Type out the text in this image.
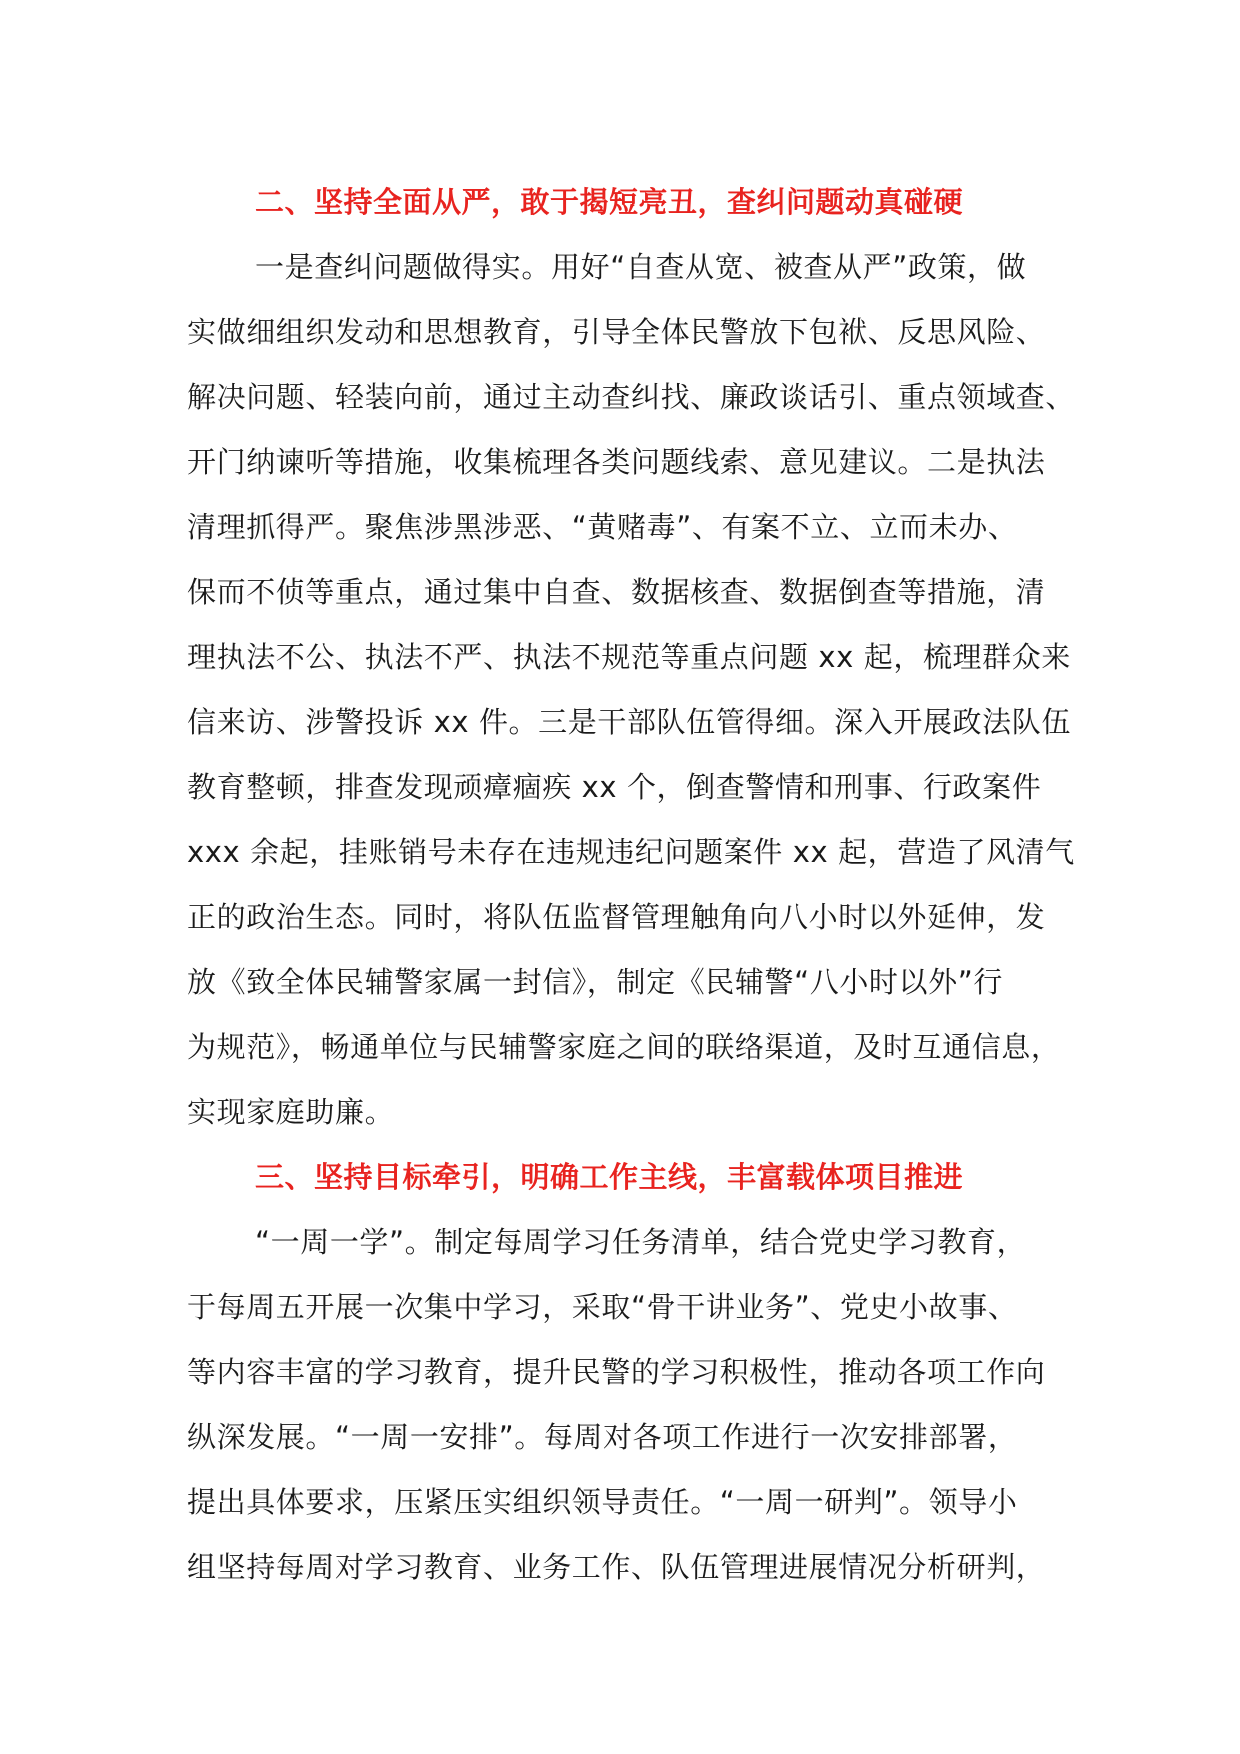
二、坚持全面从严，敢于揭短亮丑，查纠问题动真碰硬
一是查纠问题做得实。用好“自查从宽、被查从严”政策，做
实做细组织发动和思想教育，引导全体民警放下包袱、反思风险、
解决问题、轻装向前，通过主动查纠找、廉政谈话引、重点领域查、
开门纳谏听等措施，收集梳理各类问题线索、意见建议。二是执法
清理抓得严。聚焦涉黑涉恶、“黄赌毒”、有案不立、立而未办、
保而不侦等重点，通过集中自查、数据核查、数据倒查等措施，清
理执法不公、执法不严、执法不规范等重点问题 xx 起，梳理群众来
信来访、涉警投诉 xx 件。三是干部队伍管得细。深入开展政法队伍
教育整顿，排查发现顽瘴痼疾 xx 个，倒查警情和刑事、行政案件
xxx 余起，挂账销号未存在违规违纪问题案件 xx 起，营造了风清气
正的政治生态。同时，将队伍监督管理触角向八小时以外延伸，发
放《致全体民辅警家属一封信》，制定《民辅警“八小时以外”行
为规范》，畅通单位与民辅警家庭之间的联络渠道，及时互通信息，
实现家庭助廉。
三、坚持目标牵引，明确工作主线，丰富载体项目推进
“一周一学”。制定每周学习任务清单，结合党史学习教育，
于每周五开展一次集中学习，采取“骨干讲业务”、党史小故事、
等内容丰富的学习教育，提升民警的学习积极性，推动各项工作向
纵深发展。“一周一安排”。每周对各项工作进行一次安排部署，
提出具体要求，压紧压实组织领导责任。“一周一研判”。领导小
组坚持每周对学习教育、业务工作、队伍管理进展情况分析研判，
